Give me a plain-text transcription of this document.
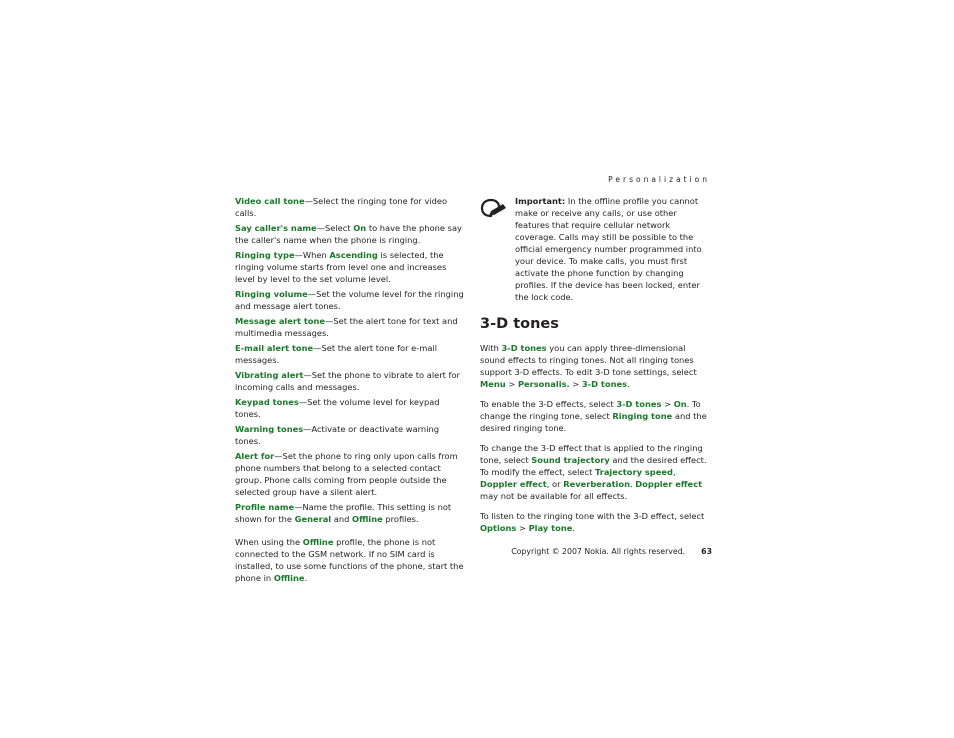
Personalization

Video call tone—Select the ringing tone for video calls.

Say caller's name—Select On to have the phone say the caller's name when the phone is ringing.

Ringing type—When Ascending is selected, the ringing volume starts from level one and increases level by level to the set volume level.

Ringing volume—Set the volume level for the ringing and message alert tones.

Message alert tone—Set the alert tone for text and multimedia messages.

E-mail alert tone—Set the alert tone for e-mail messages.

Vibrating alert—Set the phone to vibrate to alert for incoming calls and messages.

Keypad tones—Set the volume level for keypad tones.

Warning tones—Activate or deactivate warning tones.

Alert for—Set the phone to ring only upon calls from phone numbers that belong to a selected contact group. Phone calls coming from people outside the selected group have a silent alert.

Profile name—Name the profile. This setting is not shown for the General and Offline profiles.

When using the Offline profile, the phone is not connected to the GSM network. If no SIM card is installed, to use some functions of the phone, start the phone in Offline.

Important: In the offline profile you cannot make or receive any calls, or use other features that require cellular network coverage. Calls may still be possible to the official emergency number programmed into your device. To make calls, you must first activate the phone function by changing profiles. If the device has been locked, enter the lock code.

3-D tones

With 3-D tones you can apply three-dimensional sound effects to ringing tones. Not all ringing tones support 3-D effects. To edit 3-D tone settings, select Menu > Personalis. > 3-D tones.

To enable the 3-D effects, select 3-D tones > On. To change the ringing tone, select Ringing tone and the desired ringing tone.

To change the 3-D effect that is applied to the ringing tone, select Sound trajectory and the desired effect. To modify the effect, select Trajectory speed, Doppler effect, or Reverberation. Doppler effect may not be available for all effects.

To listen to the ringing tone with the 3-D effect, select Options > Play tone.

Copyright © 2007 Nokia. All rights reserved. 63
